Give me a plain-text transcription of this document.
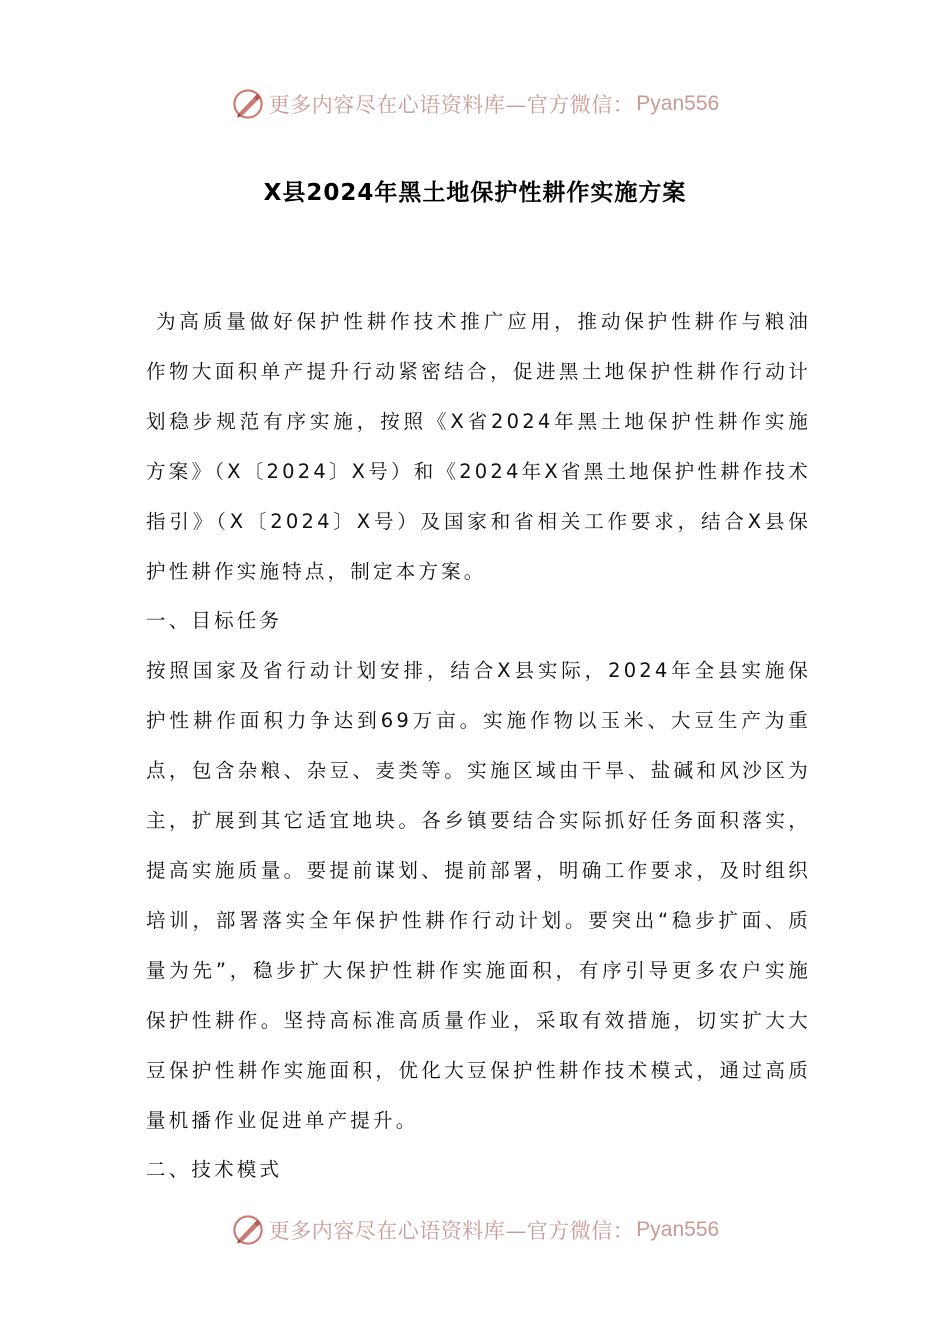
更多内容尽在心语资料库—官方微信： Pyan556
X县2024年黑土地保护性耕作实施方案

为高质量做好保护性耕作技术推广应用，推动保护性耕作与粮油作物大面积单产提升行动紧密结合，促进黑土地保护性耕作行动计划稳步规范有序实施，按照《X省2024年黑土地保护性耕作实施方案》（X〔2024〕X号）和《2024年X省黑土地保护性耕作技术指引》（X〔2024〕X号）及国家和省相关工作要求，结合X县保护性耕作实施特点，制定本方案。

一、目标任务

按照国家及省行动计划安排，结合X县实际，2024年全县实施保护性耕作面积力争达到69万亩。实施作物以玉米、大豆生产为重点，包含杂粮、杂豆、麦类等。实施区域由干旱、盐碱和风沙区为主，扩展到其它适宜地块。各乡镇要结合实际抓好任务面积落实，提高实施质量。要提前谋划、提前部署，明确工作要求，及时组织培训，部署落实全年保护性耕作行动计划。要突出“稳步扩面、质量为先”，稳步扩大保护性耕作实施面积，有序引导更多农户实施保护性耕作。坚持高标准高质量作业，采取有效措施，切实扩大大豆保护性耕作实施面积，优化大豆保护性耕作技术模式，通过高质量机播作业促进单产提升。

二、技术模式
更多内容尽在心语资料库—官方微信： Pyan556
